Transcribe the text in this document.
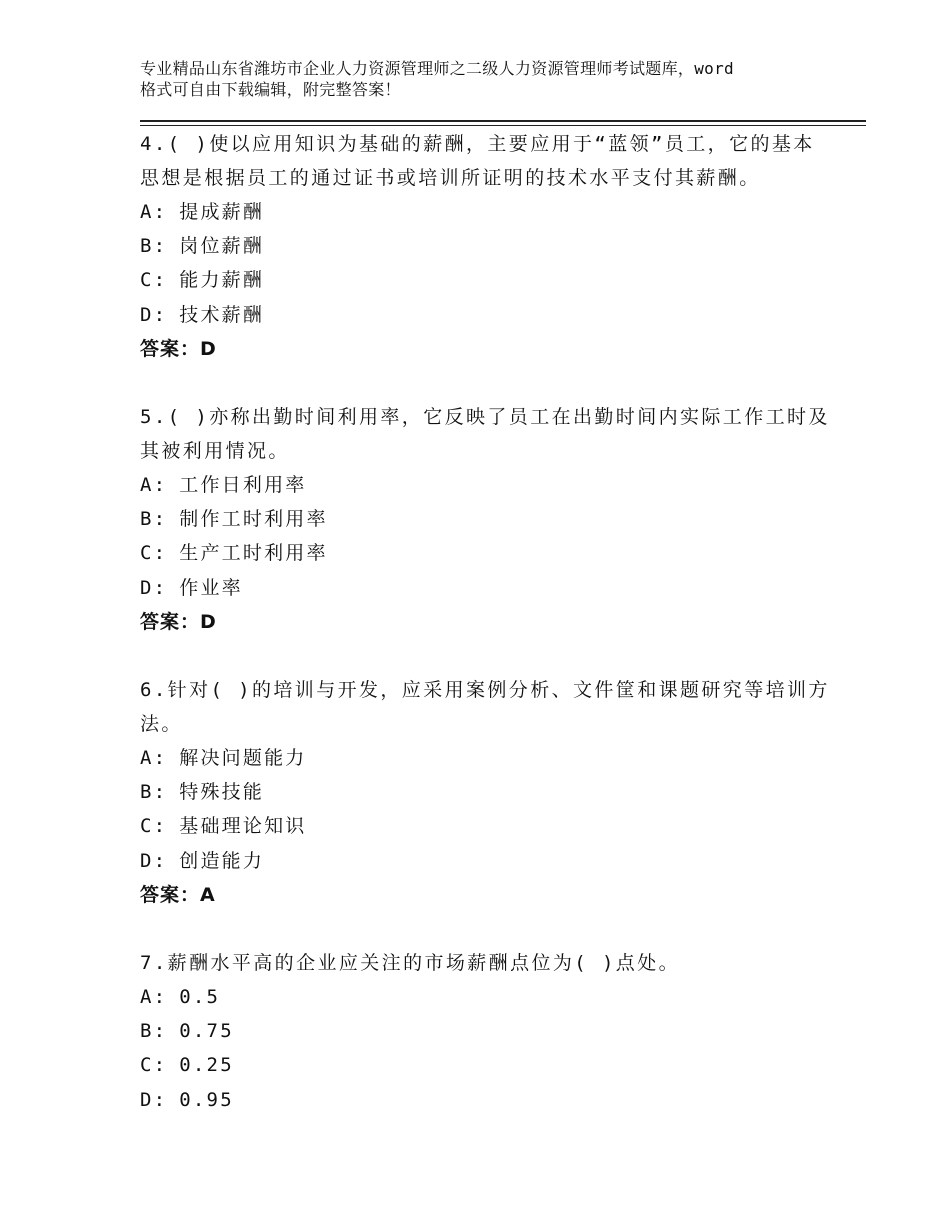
专业精品山东省潍坊市企业人力资源管理师之二级人力资源管理师考试题库，word
格式可自由下载编辑，附完整答案！

4.( )使以应用知识为基础的薪酬，主要应用于“蓝领”员工，它的基本思想是根据员工的通过证书或培训所证明的技术水平支付其薪酬。

A: 提成薪酬
B: 岗位薪酬
C: 能力薪酬
D: 技术薪酬

答案：D

5.( )亦称出勤时间利用率，它反映了员工在出勤时间内实际工作工时及其被利用情况。

A: 工作日利用率
B: 制作工时利用率
C: 生产工时利用率
D: 作业率

答案：D

6.针对( )的培训与开发，应采用案例分析、文件筐和课题研究等培训方法。

A: 解决问题能力
B: 特殊技能
C: 基础理论知识
D: 创造能力

答案：A

7.薪酬水平高的企业应关注的市场薪酬点位为( )点处。

A: 0.5
B: 0.75
C: 0.25
D: 0.95
